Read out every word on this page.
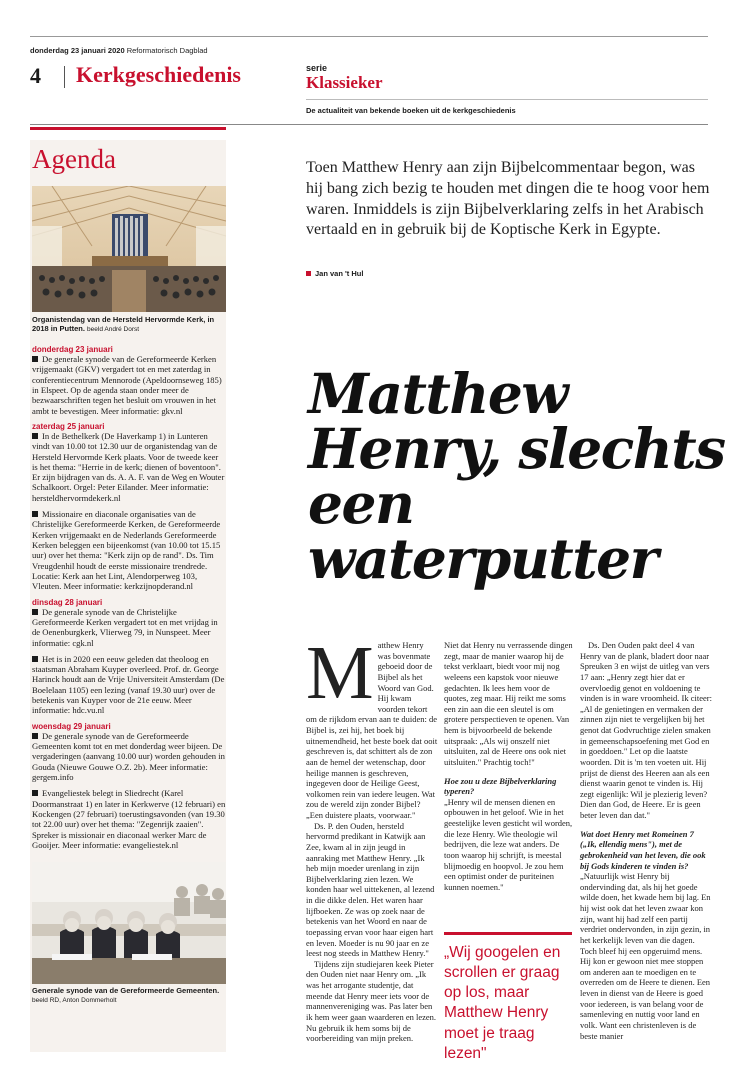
donderdag 23 januari 2020 Reformatorisch Dagblad
4 Kerkgeschiedenis	serie
Klassieker
De actualiteit van bekende boeken uit de kerkgeschiedenis
Agenda
Organistendag van de Hersteld Hervormde Kerk, in 2018 in Putten. beeld André Dorst
donderdag 23 januari
De generale synode van de Gereformeerde Kerken vrijgemaakt (GKV) vergadert tot en met zaterdag in conferentiecentrum Mennorode (Apeldoornseweg 185) in Elspeet. Op de agenda staan onder meer de bezwaarschriften tegen het besluit om vrouwen in het ambt te bevestigen. Meer informatie: gkv.nl
zaterdag 25 januari
In de Bethelkerk (De Haverkamp 1) in Lunteren vindt van 10.00 tot 12.30 uur de organistendag van de Hersteld Hervormde Kerk plaats. Voor de tweede keer is het thema: "Herrie in de kerk; dienen of boventoon". Er zijn bijdragen van ds. A. A. F. van de Weg en Wouter Schalkoort. Orgel: Peter Eilander. Meer informatie: hersteldhervormdekerk.nl
Missionaire en diaconale organisaties van de Christelijke Gereformeerde Kerken, de Gereformeerde Kerken vrijgemaakt en de Nederlands Gereformeerde Kerken beleggen een bijeenkomst (van 10.00 tot 15.15 uur) over het thema: "Kerk zijn op de rand". Ds. Tim Vreugdenhil houdt de eerste missionaire trendrede. Locatie: Kerk aan het Lint, Alendorperweg 103, Vleuten. Meer informatie: kerkzijnopderand.nl
dinsdag 28 januari
De generale synode van de Christelijke Gereformeerde Kerken vergadert tot en met vrijdag in de Oenenburgkerk, Vlierweg 79, in Nunspeet. Meer informatie: cgk.nl
Het is in 2020 een eeuw geleden dat theoloog en staatsman Abraham Kuyper overleed. Prof. dr. George Harinck houdt aan de Vrije Universiteit Amsterdam (De Boelelaan 1105) een lezing (vanaf 19.30 uur) over de betekenis van Kuyper voor de 21e eeuw. Meer informatie: hdc.vu.nl
woensdag 29 januari
De generale synode van de Gereformeerde Gemeenten komt tot en met donderdag weer bijeen. De vergaderingen (aanvang 10.00 uur) worden gehouden in Gouda (Nieuwe Gouwe O.Z. 2b). Meer informatie: gergem.info
Evangeliestek belegt in Sliedrecht (Karel Doormanstraat 1) en later in Kerkwerve (12 februari) en Kockengen (27 februari) toerustingsavonden (van 19.30 tot 22.00 uur) over het thema: "Zegenrijk zaaien". Spreker is missionair en diaconaal werker Marc de Gooijer. Meer informatie: evangeliestek.nl
Generale synode van de Gereformeerde Gemeenten. beeld RD, Anton Dommerholt
Toen Matthew Henry aan zijn Bijbelcommentaar begon, was hij bang zich bezig te houden met dingen die te hoog voor hem waren. Inmiddels is zijn Bijbelverklaring zelfs in het Arabisch vertaald en in gebruik bij de Koptische Kerk in Egypte.
Jan van 't Hul
Matthew Henry, slechts een waterputter
M atthew Henry was bovenmate geboeid door de Bijbel als het Woord van God. Hij kwam voorden tekort om de rijkdom ervan aan te duiden: de Bijbel is, zei hij, het boek bij uitnemendheid, het beste boek dat ooit geschreven is, dat schittert als de zon aan de hemel der wetenschap, door heilige mannen is geschreven, ingegeven door de Heilige Geest, volkomen rein van iedere leugen. Wat zou de wereld zijn zonder Bijbel? „Een duistere plaats, voorwaar."

Ds. P. den Ouden, hersteld hervormd predikant in Katwijk aan Zee, kwam al in zijn jeugd in aanraking met Matthew Henry. „Ik heb mijn moeder urenlang in zijn Bijbelverklaring zien lezen. We konden haar wel uittekenen, al lezend in die dikke delen. Het waren haar lijfboeken. Ze was op zoek naar de betekenis van het Woord en naar de toepassing ervan voor haar eigen hart en leven. Moeder is nu 90 jaar en ze leest nog steeds in Matthew Henry."

Tijdens zijn studiejaren keek Pieter den Ouden niet naar Henry om. „Ik was het arrogante studentje, dat meende dat Henry meer iets voor de mannenvereniging was. Pas later ben ik hem weer gaan waarderen en lezen. Nu gebruik ik hem soms bij de voorbereiding van mijn preken.

Niet dat Henry nu verrassende dingen zegt, maar de manier waarop hij de tekst verklaart, biedt voor mij nog weleens een kapstok voor nieuwe gedachten. Ik lees hem voor de quotes, zeg maar. Hij reikt me soms een zin aan die een sleutel is om grotere perspectieven te openen. Van hem is bijvoorbeeld de bekende uitspraak: „Als wij onszelf niet uitsluiten, zal de Heere ons ook niet uitsluiten." Prachtig toch!"

Hoe zou u deze Bijbelverklaring typeren?

„Henry wil de mensen dienen en opbouwen in het geloof. Wie in het geestelijke leven gesticht wil worden, die leze Henry. Wie theologie wil bedrijven, die leze wat anders. De toon waarop hij schrijft, is meestal blijmoedig en hoopvol. Je zou hem een optimist onder de puriteinen kunnen noemen."

„Wij googelen en scrollen er graag op los, maar Matthew Henry moet je traag lezen"

Ds. Den Ouden pakt deel 4 van Henry van de plank, bladert door naar Spreuken 3 en wijst de uitleg van vers 17 aan: „Henry zegt hier dat er overvloedig genot en voldoening te vinden is in ware vroomheid. Ik citeer: „Al de genietingen en vermaken der zinnen zijn niet te vergelijken bij het genot dat Godvruchtige zielen smaken in gemeenschapsoefening met God en in goeddoen." Let op die laatste woorden. Dit is 'm ten voeten uit. Hij prijst de dienst des Heeren aan als een dienst waarin genot te vinden is. Hij zegt eigenlijk: Wil je plezierig leven? Dien dan God, de Heere. Er is geen beter leven dan dat."

Wat doet Henry met Romeinen 7 („Ik, ellendig mens"), met de gebrokenheid van het leven, die ook bij Gods kinderen te vinden is?

„Natuurlijk wist Henry bij ondervinding dat, als hij het goede wilde doen, het kwade hem bij lag. En hij wist ook dat het leven zwaar kon zijn, want hij had zelf een partij verdriet ondervonden, in zijn gezin, in het kerkelijk leven van die dagen. Toch bleef hij een opgeruimd mens. Hij kon er gewoon niet mee stoppen om anderen aan te moedigen en te overreden om de Heere te dienen. Een leven in dienst van de Heere is goed voor iedereen, is van belang voor de samenleving en nuttig voor land en volk. Want een christenleven is de beste manier
